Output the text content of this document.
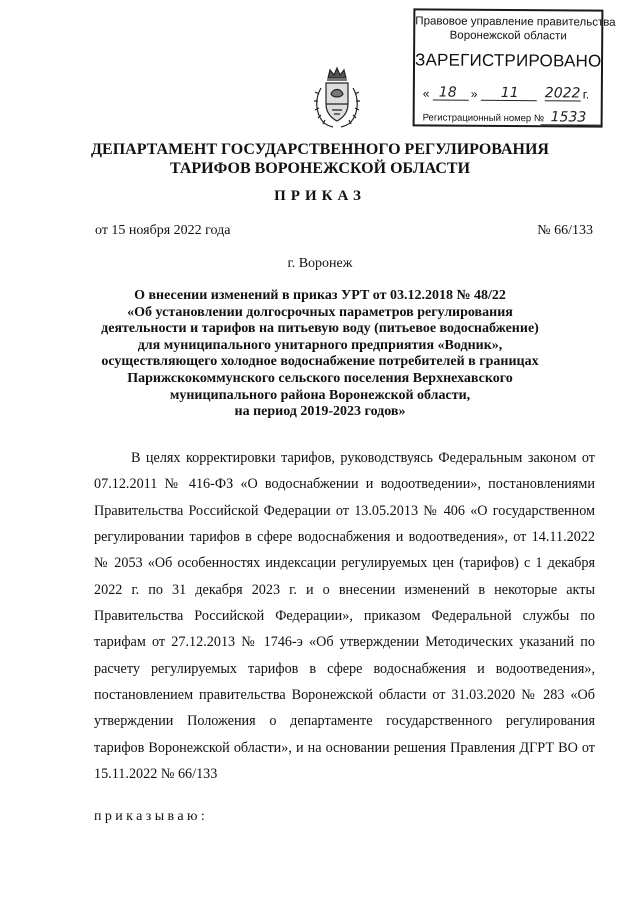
Правовое управление правительства
Воронежской области
ЗАРЕГИСТРИРОВАНО
« 18 » 11 2022 г.
Регистрационный номер № 1533
ДЕПАРТАМЕНТ ГОСУДАРСТВЕННОГО РЕГУЛИРОВАНИЯ
ТАРИФОВ ВОРОНЕЖСКОЙ ОБЛАСТИ
ПРИКАЗ
от 15 ноября 2022 года	№ 66/133
г. Воронеж
О внесении изменений в приказ УРТ от 03.12.2018 № 48/22
«Об установлении долгосрочных параметров регулирования
деятельности и тарифов на питьевую воду (питьевое водоснабжение)
для муниципального унитарного предприятия «Водник»,
осуществляющего холодное водоснабжение потребителей в границах
Парижскокоммунского сельского поселения Верхнехавского
муниципального района Воронежской области,
на период 2019-2023 годов»
В целях корректировки тарифов, руководствуясь Федеральным законом от 07.12.2011 № 416-ФЗ «О водоснабжении и водоотведении», постановлениями Правительства Российской Федерации от 13.05.2013 № 406 «О государственном регулировании тарифов в сфере водоснабжения и водоотведения», от 14.11.2022 № 2053 «Об особенностях индексации регулируемых цен (тарифов) с 1 декабря 2022 г. по 31 декабря 2023 г. и о внесении изменений в некоторые акты Правительства Российской Федерации», приказом Федеральной службы по тарифам от 27.12.2013 № 1746-э «Об утверждении Методических указаний по расчету регулируемых тарифов в сфере водоснабжения и водоотведения», постановлением правительства Воронежской области от 31.03.2020 № 283 «Об утверждении Положения о департаменте государственного регулирования тарифов Воронежской области», и на основании решения Правления ДГРТ ВО от 15.11.2022 № 66/133
приказываю:
